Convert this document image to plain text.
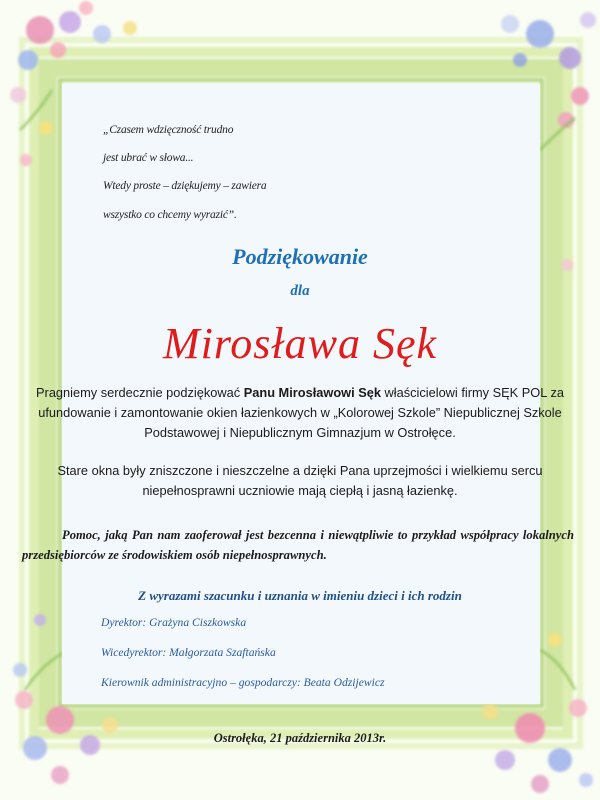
„Czasem wdzięczność trudno
jest ubrać w słowa...
Wtedy proste – dziękujemy – zawiera
wszystko co chcemy wyrazić”.
Podziękowanie
dla
Mirosława Sęk
Pragniemy serdecznie podziękować Panu Mirosławowi Sęk właścicielowi firmy SĘK POL za ufundowanie i zamontowanie okien łazienkowych w „Kolorowej Szkole” Niepublicznej Szkole Podstawowej i Niepublicznym Gimnazjum w Ostrołęce.
Stare okna były zniszczone i nieszczelne a dzięki Pana uprzejmości i wielkiemu sercu niepełnosprawni uczniowie mają ciepłą i jasną łazienkę.
Pomoc, jaką Pan nam zaoferował jest bezcenna i niewątpliwie to przykład współpracy lokalnych przedsiębiorców ze środowiskiem osób niepełnosprawnych.
Z wyrazami szacunku i uznania w imieniu dzieci i ich rodzin
Dyrektor: Grażyna Ciszkowska
Wicedyrektor: Małgorzata Szaftańska
Kierownik administracyjno – gospodarczy: Beata Odzijewicz
Ostrołęka, 21 października 2013r.
